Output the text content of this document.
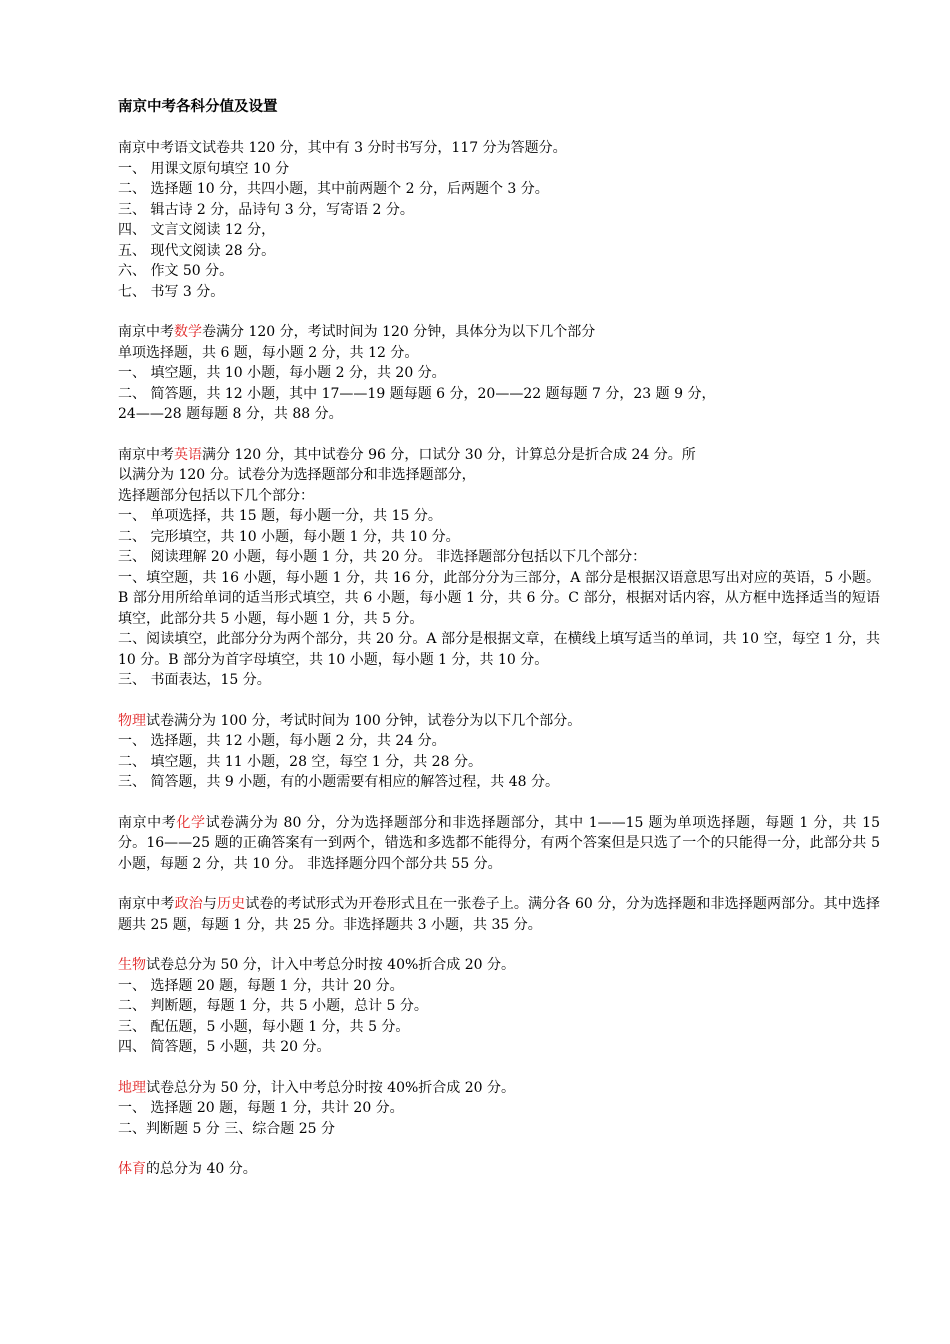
南京中考各科分值及设置

南京中考语文试卷共 120 分，其中有 3 分时书写分，117 分为答题分。

一、 用课文原句填空 10 分

二、 选择题 10 分，共四小题，其中前两题个 2 分，后两题个 3 分。

三、 辑古诗 2 分，品诗句 3 分，写寄语 2 分。

四、 文言文阅读 12 分，

五、 现代文阅读 28 分。

六、 作文 50 分。

七、 书写 3 分。

南京中考数学卷满分 120 分，考试时间为 120 分钟，具体分为以下几个部分

单项选择题，共 6 题，每小题 2 分，共 12 分。

一、 填空题，共 10 小题，每小题 2 分，共 20 分。

二、 简答题，共 12 小题，其中 17——19 题每题 6 分，20——22 题每题 7 分，23 题 9 分，

24——28 题每题 8 分，共 88 分。

南京中考英语满分 120 分，其中试卷分 96 分，口试分 30 分，计算总分是折合成 24 分。所

以满分为 120 分。试卷分为选择题部分和非选择题部分，

选择题部分包括以下几个部分：

一、 单项选择，共 15 题，每小题一分，共 15 分。

二、 完形填空，共 10 小题，每小题 1 分，共 10 分。

三、 阅读理解 20 小题，每小题 1 分，共 20 分。 非选择题部分包括以下几个部分：

一、填空题，共 16 小题，每小题 1 分，共 16 分，此部分分为三部分，A 部分是根据汉语意思写出对应的英语，5 小题。B 部分用所给单词的适当形式填空，共 6 小题，每小题 1 分，共 6 分。C 部分，根据对话内容，从方框中选择适当的短语填空，此部分共 5 小题，每小题 1 分，共 5 分。

二、阅读填空，此部分分为两个部分，共 20 分。A 部分是根据文章，在横线上填写适当的单词，共 10 空，每空 1 分，共 10 分。B 部分为首字母填空，共 10 小题，每小题 1 分，共 10 分。

三、 书面表达，15 分。

物理试卷满分为 100 分，考试时间为 100 分钟，试卷分为以下几个部分。

一、 选择题，共 12 小题，每小题 2 分，共 24 分。

二、 填空题，共 11 小题，28 空，每空 1 分，共 28 分。

三、 简答题，共 9 小题，有的小题需要有相应的解答过程，共 48 分。

南京中考化学试卷满分为 80 分，分为选择题部分和非选择题部分，其中 1——15 题为单项选择题，每题 1 分，共 15 分。16——25 题的正确答案有一到两个，错选和多选都不能得分，有两个答案但是只选了一个的只能得一分，此部分共 5 小题，每题 2 分，共 10 分。 非选择题分四个部分共 55 分。

南京中考政治与历史试卷的考试形式为开卷形式且在一张卷子上。满分各 60 分，分为选择题和非选择题两部分。其中选择题共 25 题，每题 1 分，共 25 分。非选择题共 3 小题，共 35 分。

生物试卷总分为 50 分，计入中考总分时按 40%折合成 20 分。

一、 选择题 20 题，每题 1 分，共计 20 分。

二、 判断题，每题 1 分，共 5 小题，总计 5 分。

三、 配伍题，5 小题，每小题 1 分，共 5 分。

四、 简答题，5 小题，共 20 分。

地理试卷总分为 50 分，计入中考总分时按 40%折合成 20 分。

一、 选择题 20 题，每题 1 分，共计 20 分。

二、判断题 5 分 三、综合题 25 分

体育的总分为 40 分。
